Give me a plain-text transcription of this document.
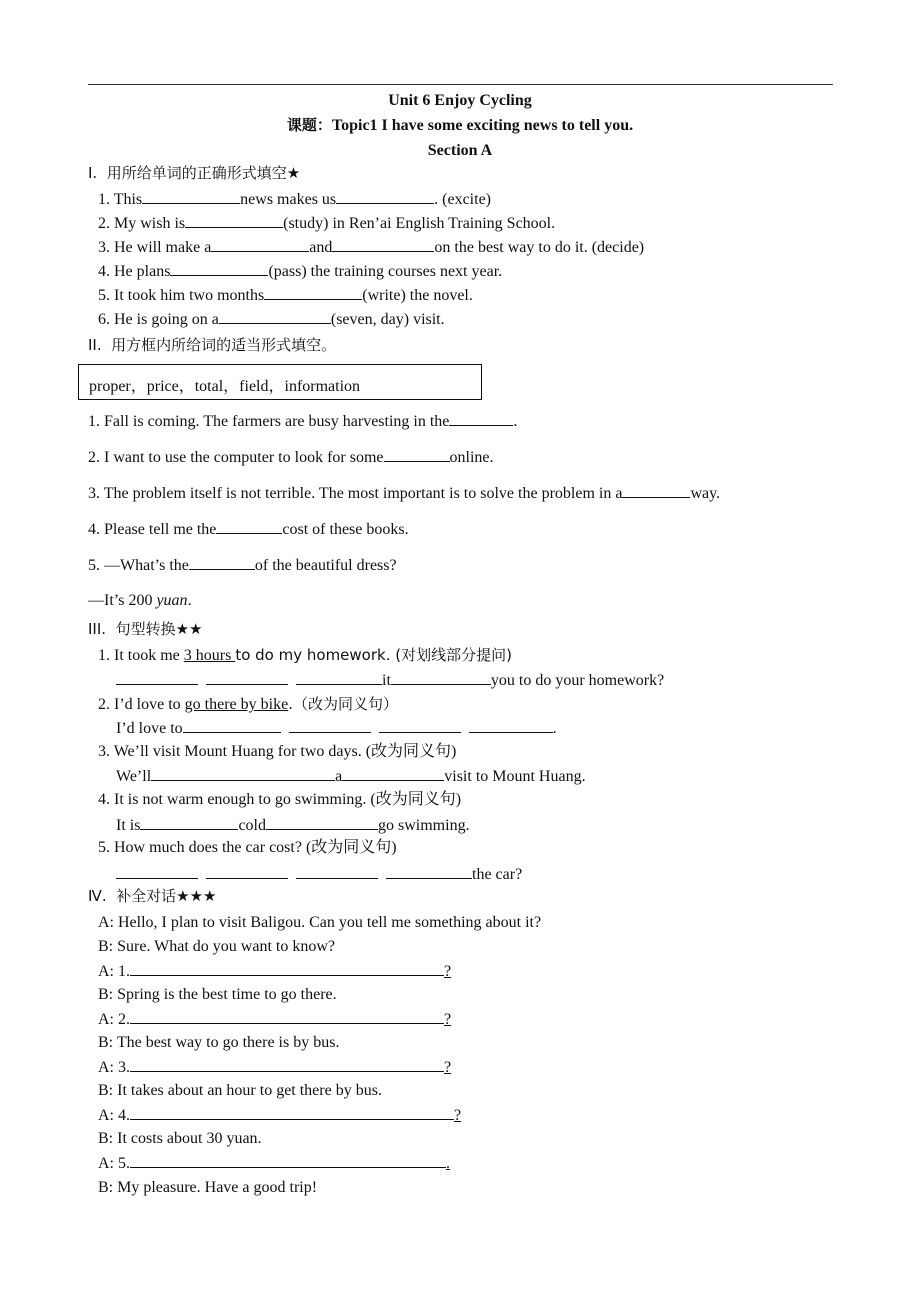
Unit 6 Enjoy Cycling
课题：Topic1 I have some exciting news to tell you.
Section A
I.  用所给单词的正确形式填空★
1. This	news makes us	. (excite)
2. My wish is	(study) in Ren’ai English Training School.
3. He will make a	and	on the best way to do it. (decide)
4. He plans	(pass) the training courses next year.
5. It took him two months	(write) the novel.
6. He is going on a	(seven, day) visit.
II.  用方框内所给词的适当形式填空。
proper，price，total，field，information
1. Fall is coming. The farmers are busy harvesting in the	.
2. I want to use the computer to look for some	online.
3. The problem itself is not terrible. The most important is to solve the problem in a	way.
4. Please tell me the	cost of these books.
5. —What’s the	of the beautiful dress?
—It’s 200 yuan.
III.  句型转换★★
1. It took me 3 hours to do my homework. (对划线部分提问)
it	you to do your homework?
2. I’d love to go there by bike.（改为同义句）
I’d love to	.
3. We’ll visit Mount Huang for two days. (改为同义句)
We’ll	a	visit to Mount Huang.
4. It is not warm enough to go swimming. (改为同义句)
It is	cold	go swimming.
5. How much does the car cost? (改为同义句)
the car?
Ⅳ.  补全对话★★★
A: Hello, I plan to visit Baligou. Can you tell me something about it?
B: Sure. What do you want to know?
A: 1.	?
B: Spring is the best time to go there.
A: 2.	?
B: The best way to go there is by bus.
A: 3.	?
B: It takes about an hour to get there by bus.
A: 4.	?
B: It costs about 30 yuan.
A: 5.	.
B: My pleasure. Have a good trip!
